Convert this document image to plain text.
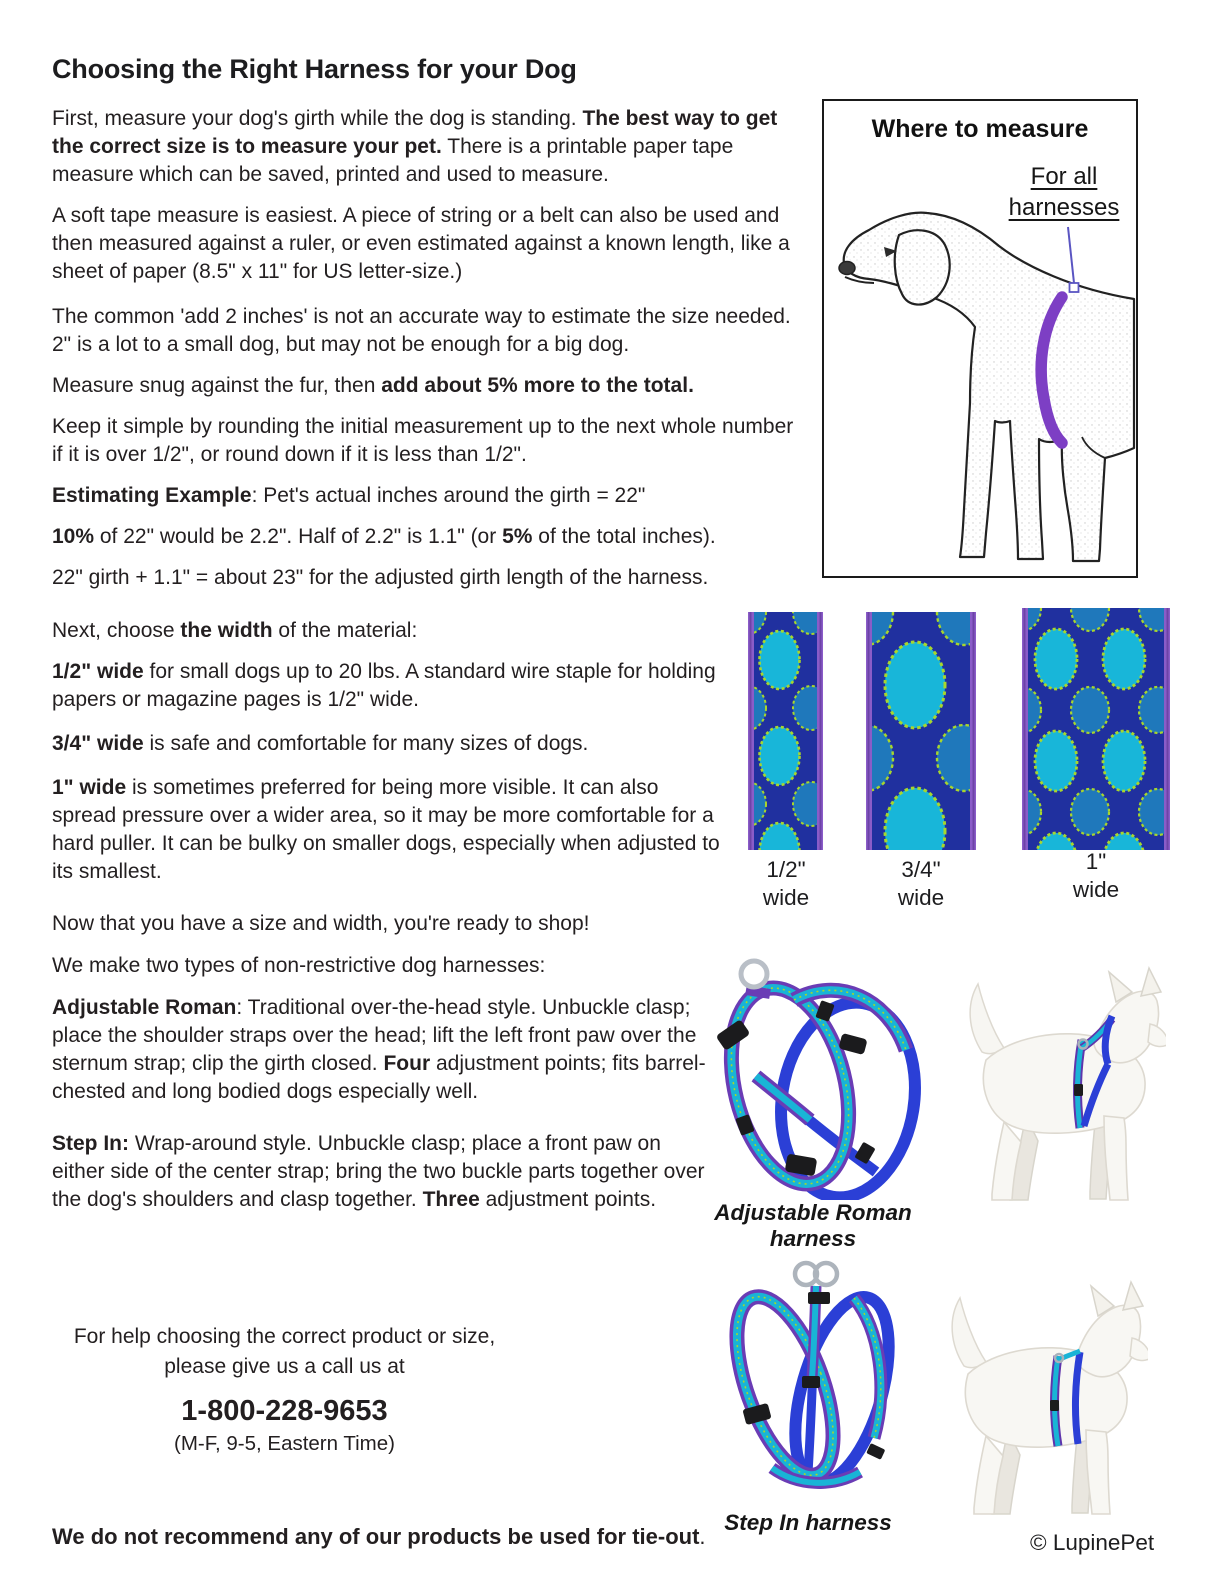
Choosing the Right Harness for your Dog

First, measure your dog's girth while the dog is standing. The best way to get the correct size is to measure your pet. There is a printable paper tape measure which can be saved, printed and used to measure.

A soft tape measure is easiest. A piece of string or a belt can also be used and then measured against a ruler, or even estimated against a known length, like a sheet of paper (8.5" x 11" for US letter-size.)

The common 'add 2 inches' is not an accurate way to estimate the size needed. 2" is a lot to a small dog, but may not be enough for a big dog.

Measure snug against the fur, then add about 5% more to the total.

Keep it simple by rounding the initial measurement up to the next whole number if it is over 1/2", or round down if it is less than 1/2".

Estimating Example: Pet's actual inches around the girth = 22"

10% of 22" would be 2.2". Half of 2.2" is 1.1" (or 5% of the total inches).

22" girth + 1.1" = about 23" for the adjusted girth length of the harness.

Next, choose the width of the material:

1/2" wide for small dogs up to 20 lbs. A standard wire staple for holding papers or magazine pages is 1/2" wide.

3/4" wide is safe and comfortable for many sizes of dogs.

1" wide is sometimes preferred for being more visible. It can also spread pressure over a wider area, so it may be more comfortable for a hard puller. It can be bulky on smaller dogs, especially when adjusted to its smallest.

Now that you have a size and width, you're ready to shop!

We make two types of non-restrictive dog harnesses:

Adjustable Roman: Traditional over-the-head style. Unbuckle clasp; place the shoulder straps over the head; lift the left front paw over the sternum strap; clip the girth closed. Four adjustment points; fits barrel-chested and long bodied dogs especially well.

Step In: Wrap-around style. Unbuckle clasp; place a front paw on either side of the center strap; bring the two buckle parts together over the dog's shoulders and clasp together. Three adjustment points.

For help choosing the correct product or size,
please give us a call us at
1-800-228-9653
(M-F, 9-5, Eastern Time)
We do not recommend any of our products be used for tie-out.
Where to measure
For all
harnesses
1/2"
wide
3/4"
wide
1"
wide
Adjustable Roman harness
Step In harness
© LupinePet
